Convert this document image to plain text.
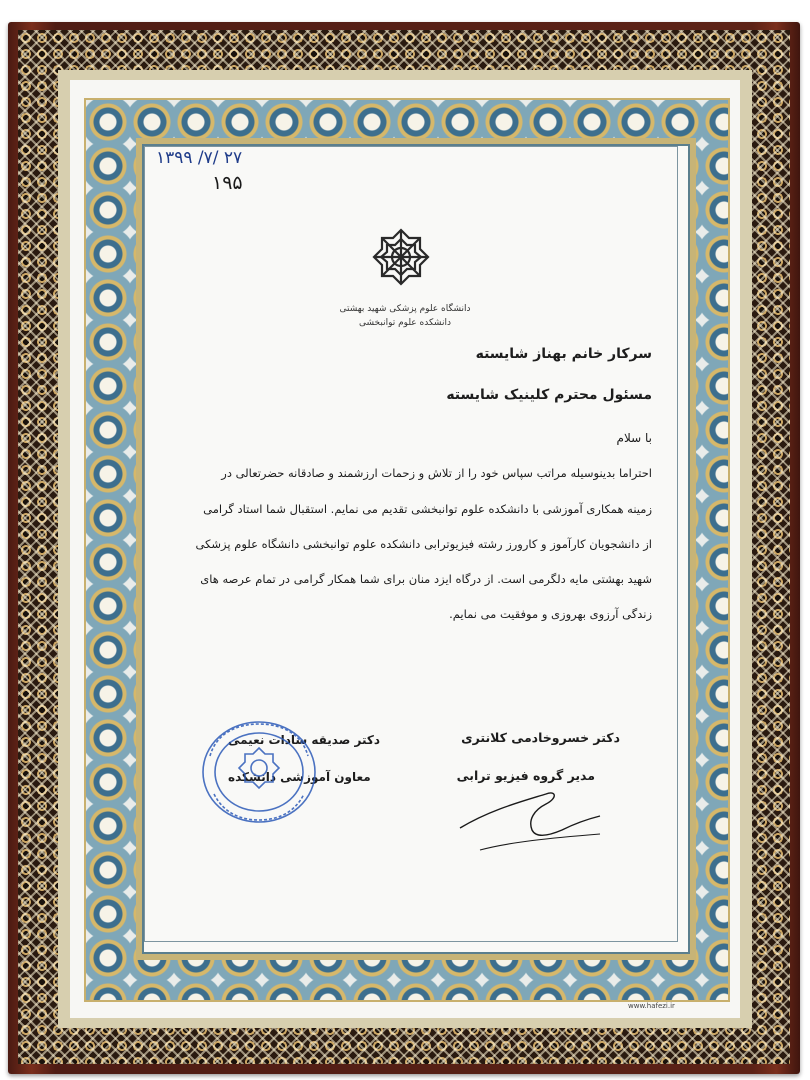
۱۳۹۹ /۷/ ۲۷
۱۹۵
دانشگاه علوم پزشکی شهید بهشتی
دانشکده علوم توانبخشی
سرکار خانم بهناز شایسته
مسئول محترم کلینیک شایسته
با سلام
احتراما بدینوسیله مراتب سپاس خود را از تلاش و زحمات ارزشمند و صادقانه حضرتعالی در
زمینه همکاری آموزشی با دانشکده علوم توانبخشی تقدیم می نمایم. استقبال شما استاد گرامی
از دانشجویان کارآموز و کارورز رشته فیزیوترابی دانشکده علوم توانبخشی دانشگاه علوم پزشکی
شهید بهشتی مایه دلگرمی است. از درگاه ایزد منان برای شما همکار گرامی در تمام عرصه های
زندگی آرزوی بهروزی و موفقیت می نمایم.
دکتر خسروخادمی کلانتری
مدیر گروه فیزیو ترابی
دکتر صدیقه سادات نعیمی
معاون آموزشی دانشکده
www.hafezi.ir
